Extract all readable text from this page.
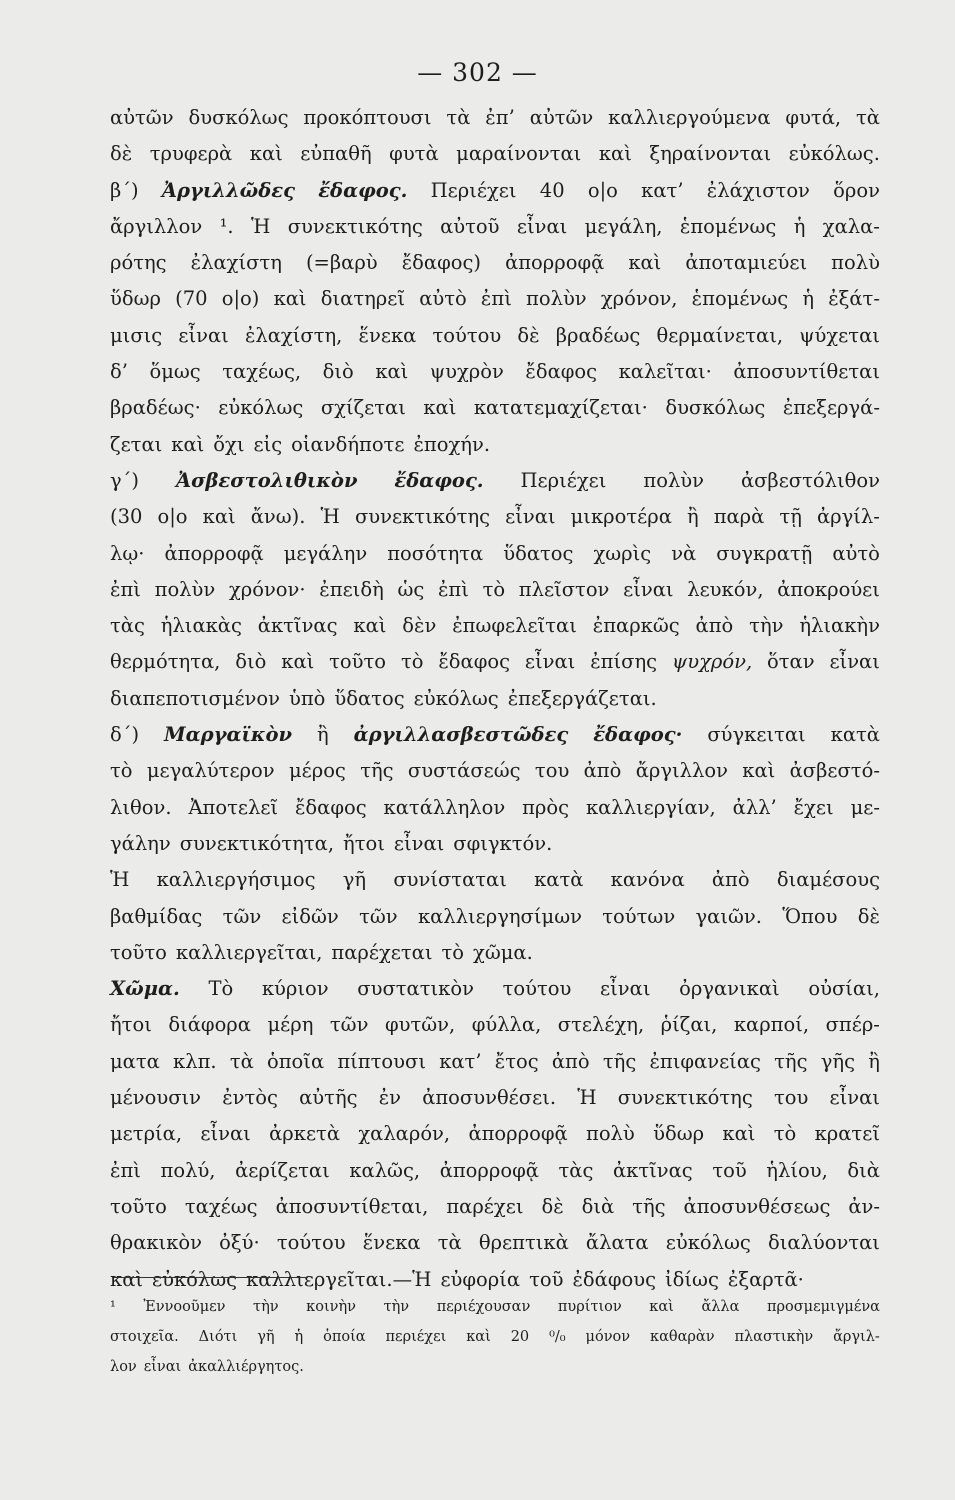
— 302 —
αὐτῶν δυσκόλως προκόπτουσι τὰ ἐπ’ αὐτῶν καλλιεργούμενα φυτά, τὰ
δὲ τρυφερὰ καὶ εὐπαθῆ φυτὰ μαραίνονται καὶ ξηραίνονται εὐκόλως.
β΄) Ἀργιλλῶδες ἔδαφος. Περιέχει 40 ο|ο κατ’ ἐλάχιστον ὅρον
ἄργιλλον ¹. Ἡ συνεκτικότης αὐτοῦ εἶναι μεγάλη, ἑπομένως ἡ χαλα-
ρότης ἐλαχίστη (=βαρὺ ἔδαφος) ἀπορροφᾷ καὶ ἀποταμιεύει πολὺ
ὕδωρ (70 ο|ο) καὶ διατηρεῖ αὐτὸ ἐπὶ πολὺν χρόνον, ἑπομένως ἡ ἐξάτ-
μισις εἶναι ἐλαχίστη, ἕνεκα τούτου δὲ βραδέως θερμαίνεται, ψύχεται
δ’ ὅμως ταχέως, διὸ καὶ ψυχρὸν ἔδαφος καλεῖται· ἀποσυντίθεται
βραδέως· εὐκόλως σχίζεται καὶ κατατεμαχίζεται· δυσκόλως ἐπεξεργά-
ζεται καὶ ὄχι εἰς οἱανδήποτε ἐποχήν.
γ΄) Ἀσβεστολιθικὸν ἔδαφος. Περιέχει πολὺν ἀσβεστόλιθον
(30 ο|ο καὶ ἄνω). Ἡ συνεκτικότης εἶναι μικροτέρα ἢ παρὰ τῇ ἀργίλ-
λῳ· ἀπορροφᾷ μεγάλην ποσότητα ὕδατος χωρὶς νὰ συγκρατῇ αὐτὸ
ἐπὶ πολὺν χρόνον· ἐπειδὴ ὡς ἐπὶ τὸ πλεῖστον εἶναι λευκόν, ἀποκρούει
τὰς ἡλιακὰς ἀκτῖνας καὶ δὲν ἐπωφελεῖται ἐπαρκῶς ἀπὸ τὴν ἡλιακὴν
θερμότητα, διὸ καὶ τοῦτο τὸ ἔδαφος εἶναι ἐπίσης ψυχρόν, ὅταν εἶναι
διαπεποτισμένον ὑπὸ ὕδατος εὐκόλως ἐπεξεργάζεται.
δ΄) Μαργαϊκὸν ἢ ἀργιλλασβεστῶδες ἔδαφος· σύγκειται κατὰ
τὸ μεγαλύτερον μέρος τῆς συστάσεώς του ἀπὸ ἄργιλλον καὶ ἀσβεστό-
λιθον. Ἀποτελεῖ ἔδαφος κατάλληλον πρὸς καλλιεργίαν, ἀλλ’ ἔχει με-
γάλην συνεκτικότητα, ἤτοι εἶναι σφιγκτόν.
Ἡ καλλιεργήσιμος γῆ συνίσταται κατὰ κανόνα ἀπὸ διαμέσους
βαθμίδας τῶν εἰδῶν τῶν καλλιεργησίμων τούτων γαιῶν. Ὅπου δὲ
τοῦτο καλλιεργεῖται, παρέχεται τὸ χῶμα.
Χῶμα. Τὸ κύριον συστατικὸν τούτου εἶναι ὀργανικαὶ οὐσίαι,
ἤτοι διάφορα μέρη τῶν φυτῶν, φύλλα, στελέχη, ῥίζαι, καρποί, σπέρ-
ματα κλπ. τὰ ὁποῖα πίπτουσι κατ’ ἔτος ἀπὸ τῆς ἐπιφανείας τῆς γῆς ἢ
μένουσιν ἐντὸς αὐτῆς ἐν ἀποσυνθέσει. Ἡ συνεκτικότης του εἶναι
μετρία, εἶναι ἀρκετὰ χαλαρόν, ἀπορροφᾷ πολὺ ὕδωρ καὶ τὸ κρατεῖ
ἐπὶ πολύ, ἀερίζεται καλῶς, ἀπορροφᾷ τὰς ἀκτῖνας τοῦ ἡλίου, διὰ
τοῦτο ταχέως ἀποσυντίθεται, παρέχει δὲ διὰ τῆς ἀποσυνθέσεως ἀν-
θρακικὸν ὀξύ· τούτου ἕνεκα τὰ θρεπτικὰ ἄλατα εὐκόλως διαλύονται
καὶ εὐκόλως καλλιεργεῖται.—Ἡ εὐφορία τοῦ ἐδάφους ἰδίως ἐξαρτᾶ·
¹ Ἐννοοῦμεν τὴν κοινὴν τὴν περιέχουσαν πυρίτιον καὶ ἄλλα προσμεμιγμένα
στοιχεῖα. Διότι γῆ ἡ ὁποία περιέχει καὶ 20 ⁰/₀ μόνον καθαρὰν πλαστικὴν ἄργιλ-
λον εἶναι ἀκαλλιέργητος.
